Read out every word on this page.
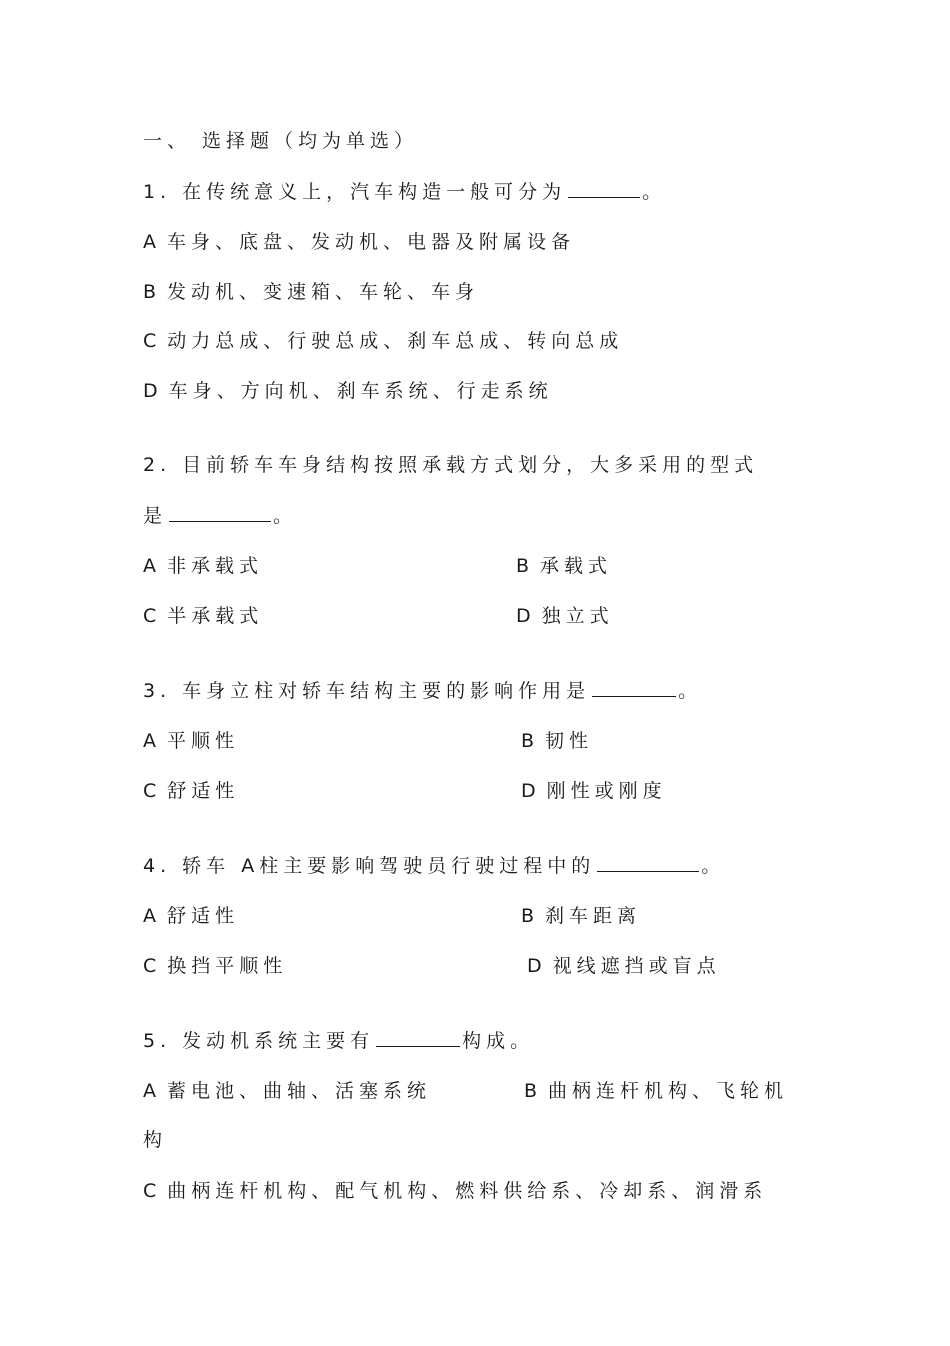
一、 选择题（均为单选）
1. 在传统意义上，汽车构造一般可分为	。
A 车身、底盘、发动机、电器及附属设备
B 发动机、变速箱、车轮、车身
C 动力总成、行驶总成、刹车总成、转向总成
D 车身、方向机、刹车系统、行走系统
2. 目前轿车车身结构按照承载方式划分，大多采用的型式
是	。
A 非承载式	B 承载式
C 半承载式	D 独立式
3. 车身立柱对轿车结构主要的影响作用是	。
A 平顺性	B 韧性
C 舒适性	D 刚性或刚度
4. 轿车 A柱主要影响驾驶员行驶过程中的	。
A 舒适性	B 刹车距离
C 换挡平顺性	D 视线遮挡或盲点
5. 发动机系统主要有	构成。
A 蓄电池、曲轴、活塞系统	B 曲柄连杆机构、飞轮机
构
C 曲柄连杆机构、配气机构、燃料供给系、冷却系、润滑系
